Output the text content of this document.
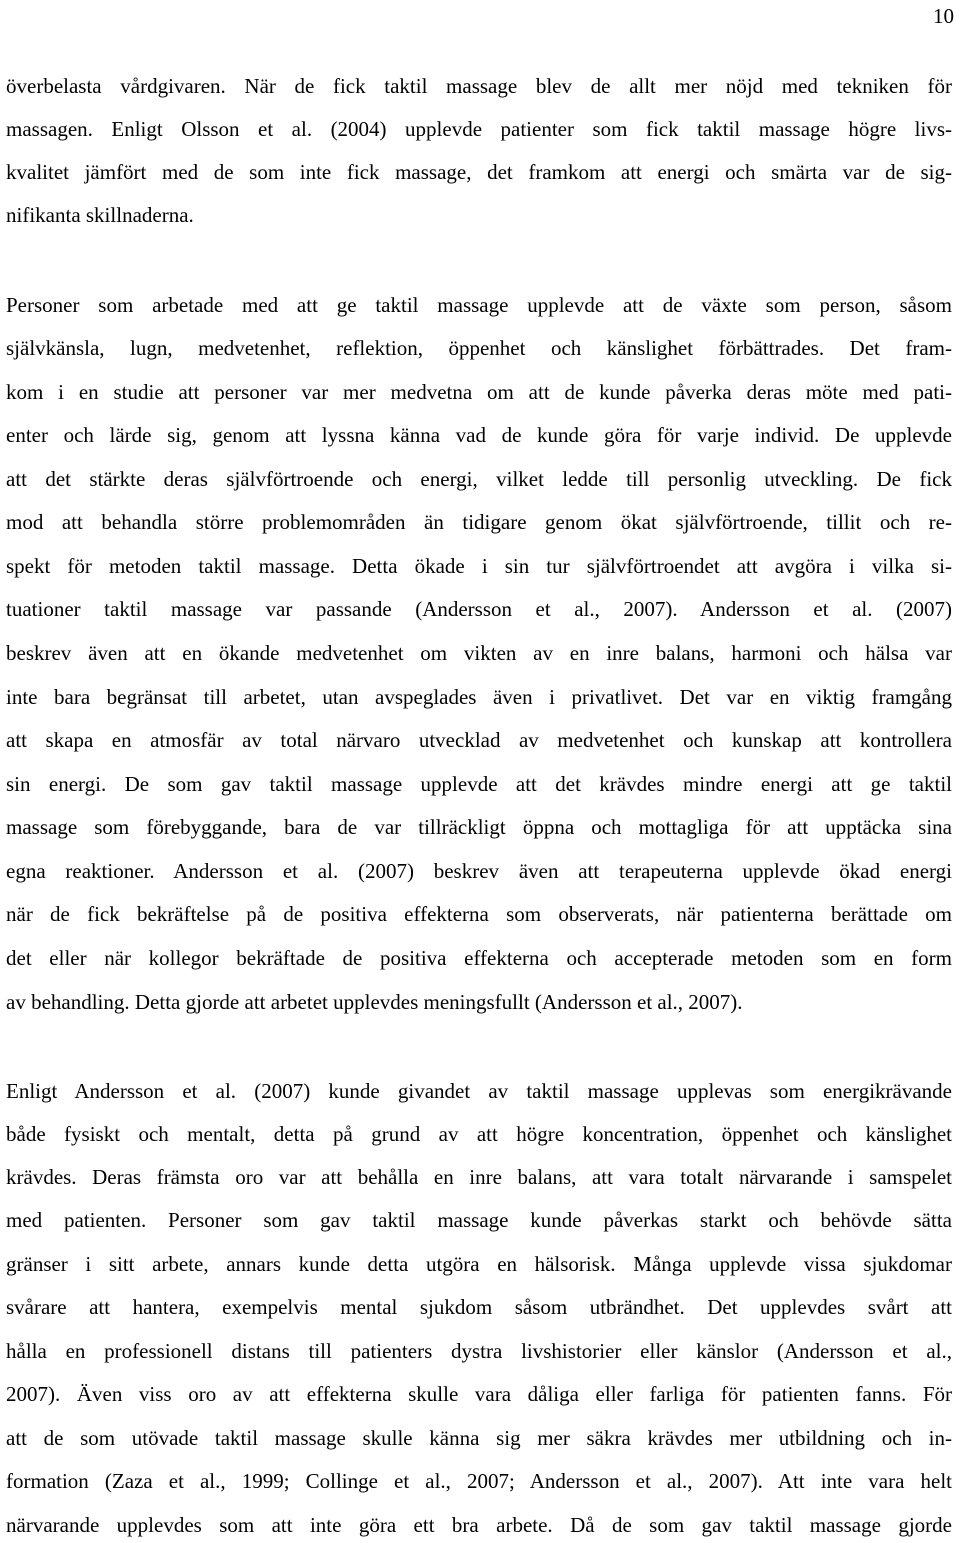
10
överbelasta vårdgivaren. När de fick taktil massage blev de allt mer nöjd med tekniken för
massagen. Enligt Olsson et al. (2004) upplevde patienter som fick taktil massage högre livs-
kvalitet jämfört med de som inte fick massage, det framkom att energi och smärta var de sig-
nifikanta skillnaderna.
Personer som arbetade med att ge taktil massage upplevde att de växte som person, såsom
självkänsla, lugn, medvetenhet, reflektion, öppenhet och känslighet förbättrades. Det fram-
kom i en studie att personer var mer medvetna om att de kunde påverka deras möte med pati-
enter och lärde sig, genom att lyssna känna vad de kunde göra för varje individ. De upplevde
att det stärkte deras självförtroende och energi, vilket ledde till personlig utveckling. De fick
mod att behandla större problemområden än tidigare genom ökat självförtroende, tillit och re-
spekt för metoden taktil massage. Detta ökade i sin tur självförtroendet att avgöra i vilka si-
tuationer taktil massage var passande (Andersson et al., 2007). Andersson et al. (2007)
beskrev även att en ökande medvetenhet om vikten av en inre balans, harmoni och hälsa var
inte bara begränsat till arbetet, utan avspeglades även i privatlivet. Det var en viktig framgång
att skapa en atmosfär av total närvaro utvecklad av medvetenhet och kunskap att kontrollera
sin energi. De som gav taktil massage upplevde att det krävdes mindre energi att ge taktil
massage som förebyggande, bara de var tillräckligt öppna och mottagliga för att upptäcka sina
egna reaktioner. Andersson et al. (2007) beskrev även att terapeuterna upplevde ökad energi
när de fick bekräftelse på de positiva effekterna som observerats, när patienterna berättade om
det eller när kollegor bekräftade de positiva effekterna och accepterade metoden som en form
av behandling. Detta gjorde att arbetet upplevdes meningsfullt (Andersson et al., 2007).
Enligt Andersson et al. (2007) kunde givandet av taktil massage upplevas som energikrävande
både fysiskt och mentalt, detta på grund av att högre koncentration, öppenhet och känslighet
krävdes. Deras främsta oro var att behålla en inre balans, att vara totalt närvarande i samspelet
med patienten. Personer som gav taktil massage kunde påverkas starkt och behövde sätta
gränser i sitt arbete, annars kunde detta utgöra en hälsorisk. Många upplevde vissa sjukdomar
svårare att hantera, exempelvis mental sjukdom såsom utbrändhet. Det upplevdes svårt att
hålla en professionell distans till patienters dystra livshistorier eller känslor (Andersson et al.,
2007). Även viss oro av att effekterna skulle vara dåliga eller farliga för patienten fanns. För
att de som utövade taktil massage skulle känna sig mer säkra krävdes mer utbildning och in-
formation (Zaza et al., 1999; Collinge et al., 2007; Andersson et al., 2007). Att inte vara helt
närvarande upplevdes som att inte göra ett bra arbete. Då de som gav taktil massage gjorde
